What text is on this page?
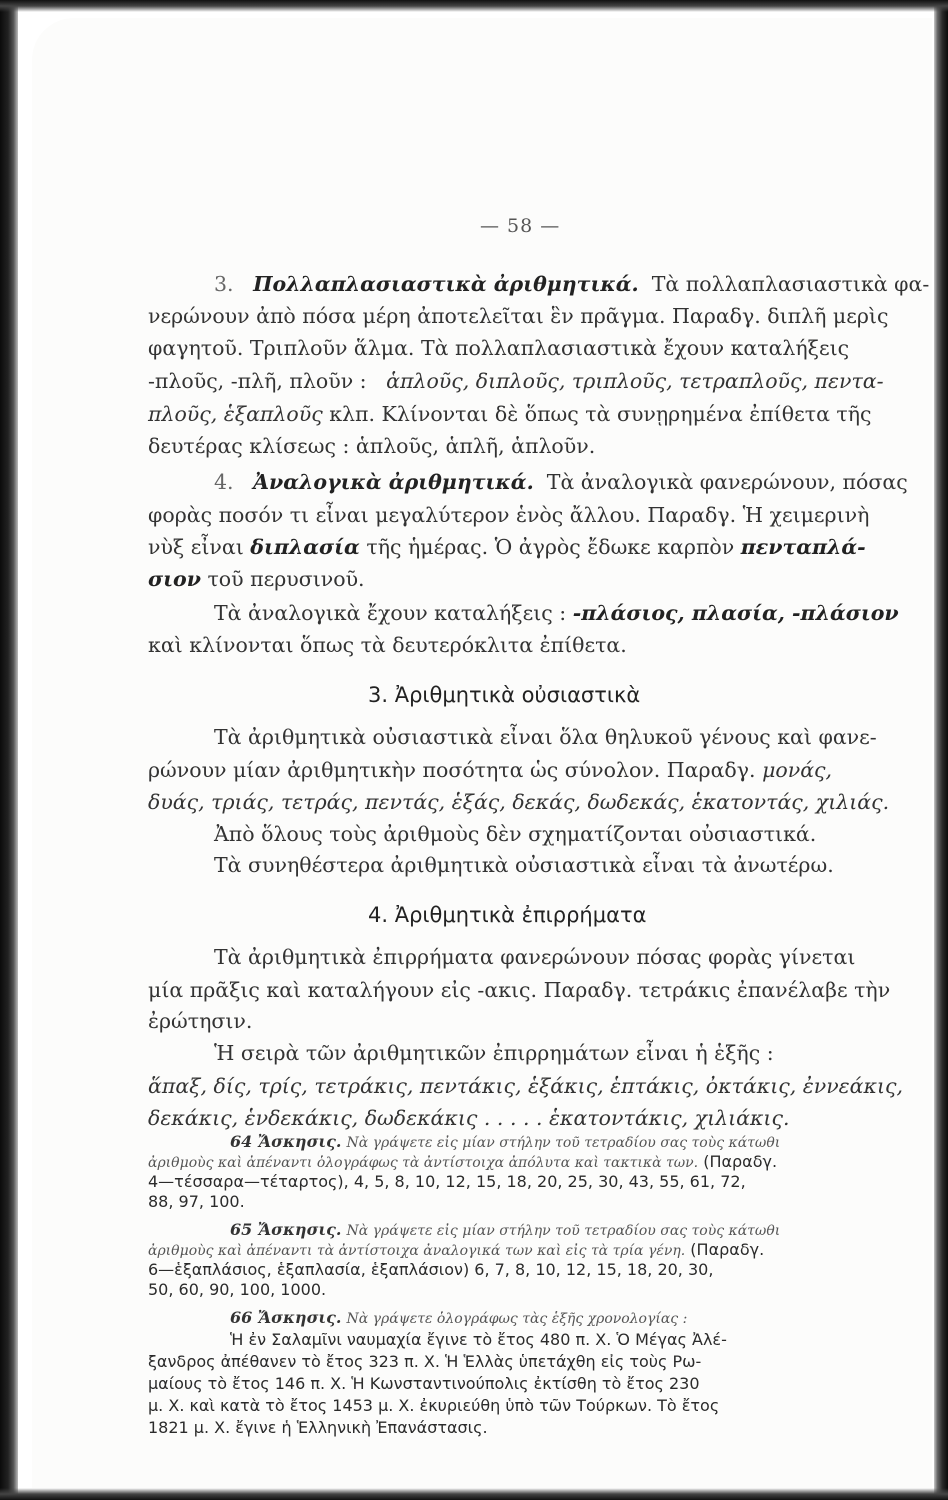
— 58 —
3. Πολλαπλασιαστικὰ ἀριθμητικά. Τὰ πολλαπλασιαστικὰ φα-
νερώνουν ἀπὸ πόσα μέρη ἀποτελεῖται ἓν πρᾶγμα. Παραδγ. διπλῆ μερὶς
φαγητοῦ. Τριπλοῦν ἅλμα. Τὰ πολλαπλασιαστικὰ ἔχουν καταλήξεις
-πλοῦς, -πλῆ, πλοῦν : ἁπλοῦς, διπλοῦς, τριπλοῦς, τετραπλοῦς, πεντα-
πλοῦς, ἑξαπλοῦς κλπ. Κλίνονται δὲ ὅπως τὰ συνῃρημένα ἐπίθετα τῆς
δευτέρας κλίσεως : ἁπλοῦς, ἁπλῆ, ἁπλοῦν.
4. Ἀναλογικὰ ἀριθμητικά. Τὰ ἀναλογικὰ φανερώνουν, πόσας
φορὰς ποσόν τι εἶναι μεγαλύτερον ἑνὸς ἄλλου. Παραδγ. Ἡ χειμερινὴ
νὺξ εἶναι διπλασία τῆς ἡμέρας. Ὁ ἀγρὸς ἔδωκε καρπὸν πενταπλά-
σιον τοῦ περυσινοῦ.
Τὰ ἀναλογικὰ ἔχουν καταλήξεις : -πλάσιος, πλασία, -πλάσιον
καὶ κλίνονται ὅπως τὰ δευτερόκλιτα ἐπίθετα.
3. Ἀριθμητικὰ οὐσιαστικὰ
Τὰ ἀριθμητικὰ οὐσιαστικὰ εἶναι ὅλα θηλυκοῦ γένους καὶ φανε-
ρώνουν μίαν ἀριθμητικὴν ποσότητα ὡς σύνολον. Παραδγ. μονάς,
δυάς, τριάς, τετράς, πεντάς, ἑξάς, δεκάς, δωδεκάς, ἑκατοντάς, χιλιάς.
Ἀπὸ ὅλους τοὺς ἀριθμοὺς δὲν σχηματίζονται οὐσιαστικά.
Τὰ συνηθέστερα ἀριθμητικὰ οὐσιαστικὰ εἶναι τὰ ἀνωτέρω.
4. Ἀριθμητικὰ ἐπιρρήματα
Τὰ ἀριθμητικὰ ἐπιρρήματα φανερώνουν πόσας φορὰς γίνεται
μία πρᾶξις καὶ καταλήγουν εἰς -ακις. Παραδγ. τετράκις ἐπανέλαβε τὴν
ἐρώτησιν.
Ἡ σειρὰ τῶν ἀριθμητικῶν ἐπιρρημάτων εἶναι ἡ ἑξῆς :
ἅπαξ, δίς, τρίς, τετράκις, πεντάκις, ἑξάκις, ἑπτάκις, ὀκτάκις, ἐννεάκις,
δεκάκις, ἑνδεκάκις, δωδεκάκις . . . . . ἑκατοντάκις, χιλιάκις.
64 Ἄσκησις. Νὰ γράψετε εἰς μίαν στήλην τοῦ τετραδίου σας τοὺς κάτωθι
ἀριθμοὺς καὶ ἀπέναντι ὁλογράφως τὰ ἀντίστοιχα ἀπόλυτα καὶ τακτικὰ των. (Παραδγ.
4—τέσσαρα—τέταρτος), 4, 5, 8, 10, 12, 15, 18, 20, 25, 30, 43, 55, 61, 72,
88, 97, 100.
65 Ἄσκησις. Νὰ γράψετε εἰς μίαν στήλην τοῦ τετραδίου σας τοὺς κάτωθι
ἀριθμοὺς καὶ ἀπέναντι τὰ ἀντίστοιχα ἀναλογικά των καὶ εἰς τὰ τρία γένη. (Παραδγ.
6—ἑξαπλάσιος, ἑξαπλασία, ἑξαπλάσιον) 6, 7, 8, 10, 12, 15, 18, 20, 30,
50, 60, 90, 100, 1000.
66 Ἄσκησις. Νὰ γράψετε ὁλογράφως τὰς ἑξῆς χρονολογίας :
Ἡ ἐν Σαλαμῖνι ναυμαχία ἔγινε τὸ ἔτος 480 π. Χ. Ὁ Μέγας Ἀλέ-
ξανδρος ἀπέθανεν τὸ ἔτος 323 π. Χ. Ἡ Ἑλλὰς ὑπετάχθη εἰς τοὺς Ρω-
μαίους τὸ ἔτος 146 π. Χ. Ἡ Κωνσταντινούπολις ἐκτίσθη τὸ ἔτος 230
μ. Χ. καὶ κατὰ τὸ ἔτος 1453 μ. Χ. ἐκυριεύθη ὑπὸ τῶν Τούρκων. Τὸ ἔτος
1821 μ. Χ. ἔγινε ἡ Ἑλληνικὴ Ἐπανάστασις.
